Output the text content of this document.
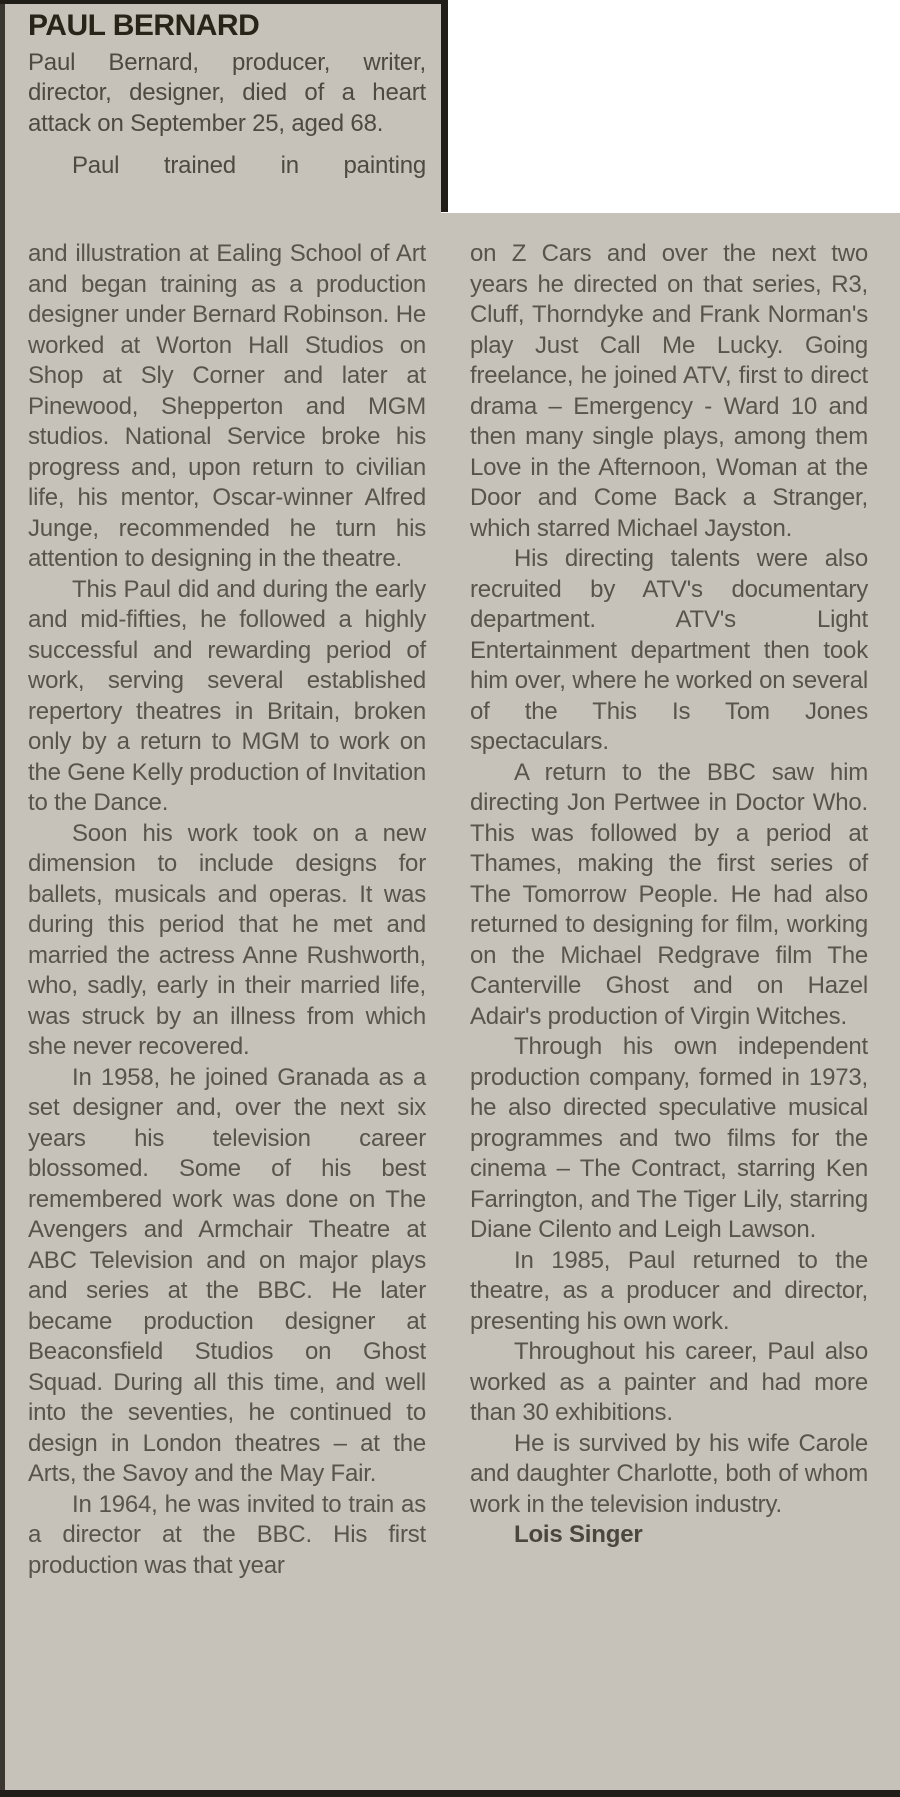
PAUL BERNARD

Paul Bernard, producer, writer, director, designer, died of a heart attack on September 25, aged 68.

Paul trained in painting

and illustration at Ealing School of Art and began training as a production designer under Bernard Robinson. He worked at Worton Hall Studios on Shop at Sly Corner and later at Pinewood, Shepperton and MGM studios. National Service broke his progress and, upon return to civilian life, his mentor, Oscar-winner Alfred Junge, recommended he turn his attention to designing in the theatre.

This Paul did and during the early and mid-fifties, he followed a highly successful and rewarding period of work, serving several established repertory theatres in Britain, broken only by a return to MGM to work on the Gene Kelly production of Invitation to the Dance.

Soon his work took on a new dimension to include designs for ballets, musicals and operas. It was during this period that he met and married the actress Anne Rushworth, who, sadly, early in their married life, was struck by an illness from which she never recovered.

In 1958, he joined Granada as a set designer and, over the next six years his television career blossomed. Some of his best remembered work was done on The Avengers and Armchair Theatre at ABC Television and on major plays and series at the BBC. He later became production designer at Beaconsfield Studios on Ghost Squad. During all this time, and well into the seventies, he continued to design in London theatres – at the Arts, the Savoy and the May Fair.

In 1964, he was invited to train as a director at the BBC. His first production was that year

on Z Cars and over the next two years he directed on that series, R3, Cluff, Thorndyke and Frank Norman's play Just Call Me Lucky. Going freelance, he joined ATV, first to direct drama – Emergency - Ward 10 and then many single plays, among them Love in the Afternoon, Woman at the Door and Come Back a Stranger, which starred Michael Jayston.

His directing talents were also recruited by ATV's documentary department. ATV's Light Entertainment department then took him over, where he worked on several of the This Is Tom Jones spectaculars.

A return to the BBC saw him directing Jon Pertwee in Doctor Who. This was followed by a period at Thames, making the first series of The Tomorrow People. He had also returned to designing for film, working on the Michael Redgrave film The Canterville Ghost and on Hazel Adair's production of Virgin Witches.

Through his own independent production company, formed in 1973, he also directed speculative musical programmes and two films for the cinema – The Contract, starring Ken Farrington, and The Tiger Lily, starring Diane Cilento and Leigh Lawson.

In 1985, Paul returned to the theatre, as a producer and director, presenting his own work.

Throughout his career, Paul also worked as a painter and had more than 30 exhibitions.

He is survived by his wife Carole and daughter Charlotte, both of whom work in the television industry.

Lois Singer
